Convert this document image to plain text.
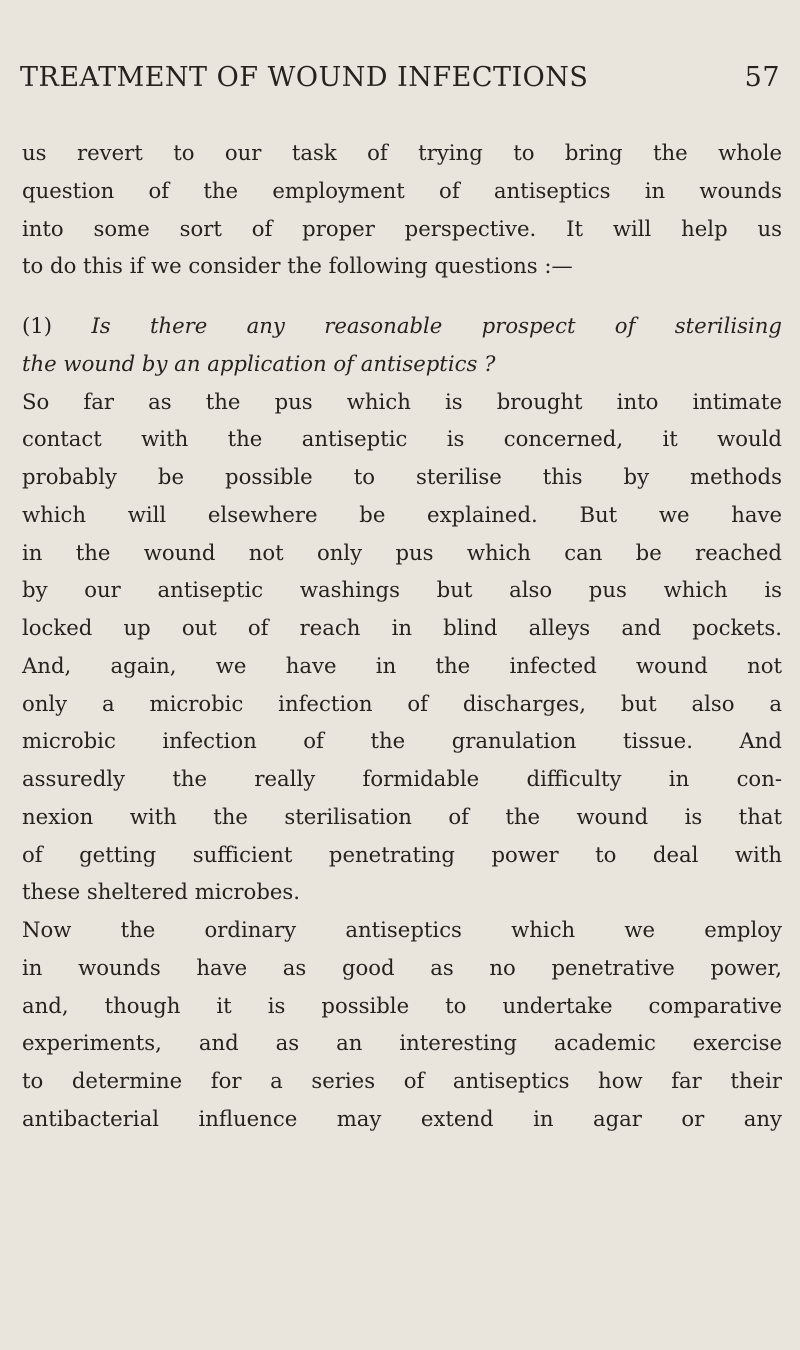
TREATMENT OF WOUND INFECTIONS	57
us revert to our task of trying to bring the whole
question of the employment of antiseptics in wounds
into some sort of proper perspective. It will help us
to do this if we consider the following questions :—
(1) Is there any reasonable prospect of sterilising
the wound by an application of antiseptics ?
So far as the pus which is brought into intimate
contact with the antiseptic is concerned, it would
probably be possible to sterilise this by methods
which will elsewhere be explained. But we have
in the wound not only pus which can be reached
by our antiseptic washings but also pus which is
locked up out of reach in blind alleys and pockets.
And, again, we have in the infected wound not
only a microbic infection of discharges, but also a
microbic infection of the granulation tissue. And
assuredly the really formidable difficulty in con-
nexion with the sterilisation of the wound is that
of getting sufficient penetrating power to deal with
these sheltered microbes.
Now the ordinary antiseptics which we employ
in wounds have as good as no penetrative power,
and, though it is possible to undertake comparative
experiments, and as an interesting academic exercise
to determine for a series of antiseptics how far their
antibacterial influence may extend in agar or any
